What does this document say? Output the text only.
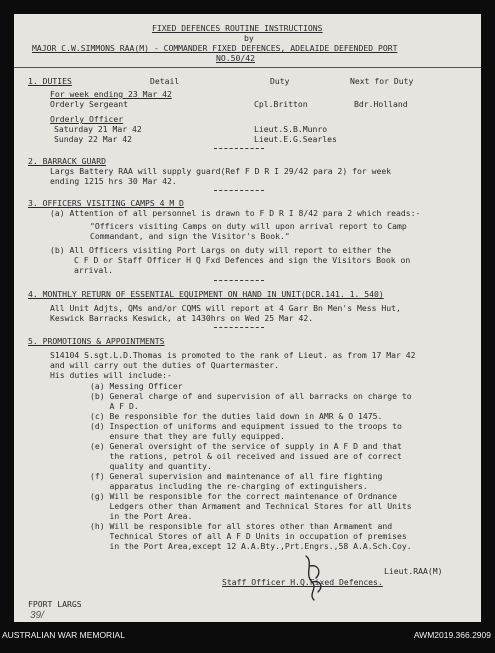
FIXED DEFENCES ROUTINE INSTRUCTIONS
by
MAJOR C.W.SIMMONS RAA(M) - COMMANDER FIXED DEFENCES, ADELAIDE DEFENDED PORT
NO.50/42
1. DUTIES	Detail	Duty	Next for Duty
For week ending 23 Mar 42
Orderly Sergeant	Cpl.Britton	Bdr.Holland
Orderly Officer
Saturday 21 Mar 42	Lieut.S.B.Munro
Sunday 22 Mar 42	Lieut.E.G.Searles
2. BARRACK GUARD
Largs Battery RAA will supply guard(Ref F D R I 29/42 para 2) for week
ending 1215 hrs 30 Mar 42.
3. OFFICERS VISITING CAMPS 4 M D
(a) Attention of all personnel is drawn to F D R I 8/42 para 2 which reads:-
"Officers visiting Camps on duty will upon arrival report to Camp
Commandant, and sign the Visitor's Book."
(b) All Officers visiting Port Largs on duty will report to either the
C F D or Staff Officer H Q Fxd Defences and sign the Visitors Book on
arrival.
4. MONTHLY RETURN OF ESSENTIAL EQUIPMENT ON HAND IN UNIT(DCR.141. 1. 540)
All Unit Adjts, QMs and/or CQMS will report at 4 Garr Bn Men's Mess Hut,
Keswick Barracks Keswick, at 1430hrs on Wed 25 Mar 42.
5. PROMOTIONS & APPOINTMENTS
S14104 S.sgt.L.D.Thomas is promoted to the rank of Lieut. as from 17 Mar 42
and will carry out the duties of Quartermaster.
His duties will include:-
(a) Messing Officer
(b) General charge of and supervision of all barracks on charge to
A F D.
(c) Be responsible for the duties laid down in AMR & O 1475.
(d) Inspection of uniforms and equipment issued to the troops to
ensure that they are fully equipped.
(e) General oversight of the service of supply in A F D and that
the rations, petrol & oil received and issued are of correct
quality and quantity.
(f) General supervision and maintenance of all fire fighting
apparatus including the re-charging of extinguishers.
(g) Will be responsible for the correct maintenance of Ordnance
Ledgers other than Armament and Technical Stores for all Units
in the Port Area.
(h) Will be responsible for all stores other than Armament and
Technical Stores of all A F D Units in occupation of premises
in the Port Area,except 12 A.A.Bty.,Prt.Engrs.,58 A.A.Sch.Coy.
Lieut.RAA(M)
Staff Officer H.Q.Fixed Defences.
FPORT LARGS
39/
AUSTRALIAN WAR MEMORIAL	AWM2019.366.2909
